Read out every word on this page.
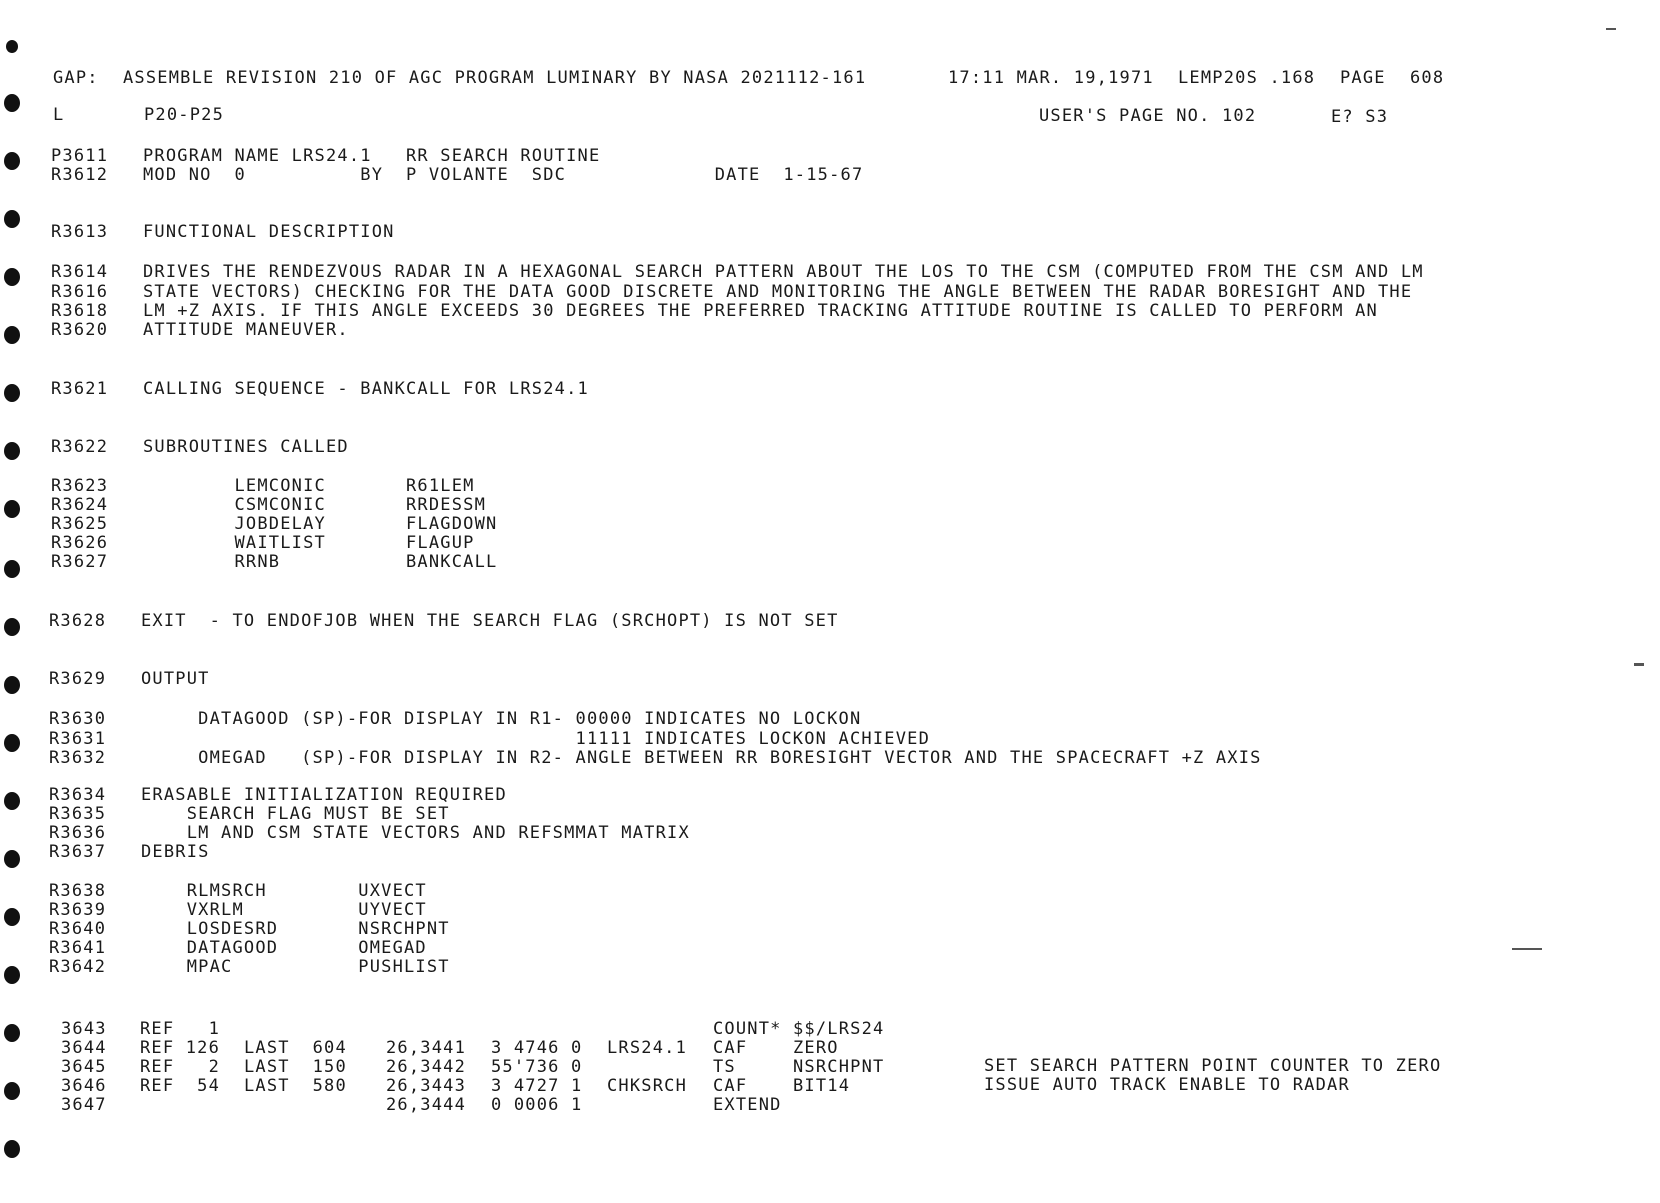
GAP: ASSEMBLE REVISION 210 OF AGC PROGRAM LUMINARY BY NASA 2021112-161	17:11 MAR. 19,1971 LEMP20S .168 PAGE 608
L	P20-P25	USER'S PAGE NO. 102	E? S3
P3611 PROGRAM NAME LRS24.1   RR SEARCH ROUTINE
R3612 MOD NO  0          BY  P VOLANTE  SDC             DATE  1-15-67
R3613 FUNCTIONAL DESCRIPTION
R3614 DRIVES THE RENDEZVOUS RADAR IN A HEXAGONAL SEARCH PATTERN ABOUT THE LOS TO THE CSM (COMPUTED FROM THE CSM AND LM
R3616 STATE VECTORS) CHECKING FOR THE DATA GOOD DISCRETE AND MONITORING THE ANGLE BETWEEN THE RADAR BORESIGHT AND THE
R3618 LM +Z AXIS. IF THIS ANGLE EXCEEDS 30 DEGREES THE PREFERRED TRACKING ATTITUDE ROUTINE IS CALLED TO PERFORM AN
R3620 ATTITUDE MANEUVER.
R3621 CALLING SEQUENCE - BANKCALL FOR LRS24.1
R3622 SUBROUTINES CALLED
R3623 LEMCONIC       R61LEM
R3624 CSMCONIC       RRDESSM
R3625 JOBDELAY       FLAGDOWN
R3626 WAITLIST       FLAGUP
R3627 RRNB           BANKCALL
R3628 EXIT  - TO ENDOFJOB WHEN THE SEARCH FLAG (SRCHOPT) IS NOT SET
R3629 OUTPUT
R3630 DATAGOOD (SP)-FOR DISPLAY IN R1- 00000 INDICATES NO LOCKON
R3631 11111 INDICATES LOCKON ACHIEVED
R3632 OMEGAD   (SP)-FOR DISPLAY IN R2- ANGLE BETWEEN RR BORESIGHT VECTOR AND THE SPACECRAFT +Z AXIS
R3634 ERASABLE INITIALIZATION REQUIRED
R3635 SEARCH FLAG MUST BE SET
R3636 LM AND CSM STATE VECTORS AND REFSMMAT MATRIX
R3637 DEBRIS
R3638 RLMSRCH        UXVECT
R3639 VXRLM          UYVECT
R3640 LOSDESRD       NSRCHPNT
R3641 DATAGOOD       OMEGAD
R3642 MPAC           PUSHLIST
3643 REF   1	COUNT* $$/LRS24
3644 REF 126 LAST  604 26,3441 3 4746 0 LRS24.1 CAF	ZERO
3645 REF   2 LAST  150 26,3442 55'736 0	TS	NSRCHPNT	SET SEARCH PATTERN POINT COUNTER TO ZERO
3646 REF  54 LAST  580 26,3443 3 4727 1 CHKSRCH CAF	BIT14	ISSUE AUTO TRACK ENABLE TO RADAR
3647	26,3444 0 0006 1	EXTEND
